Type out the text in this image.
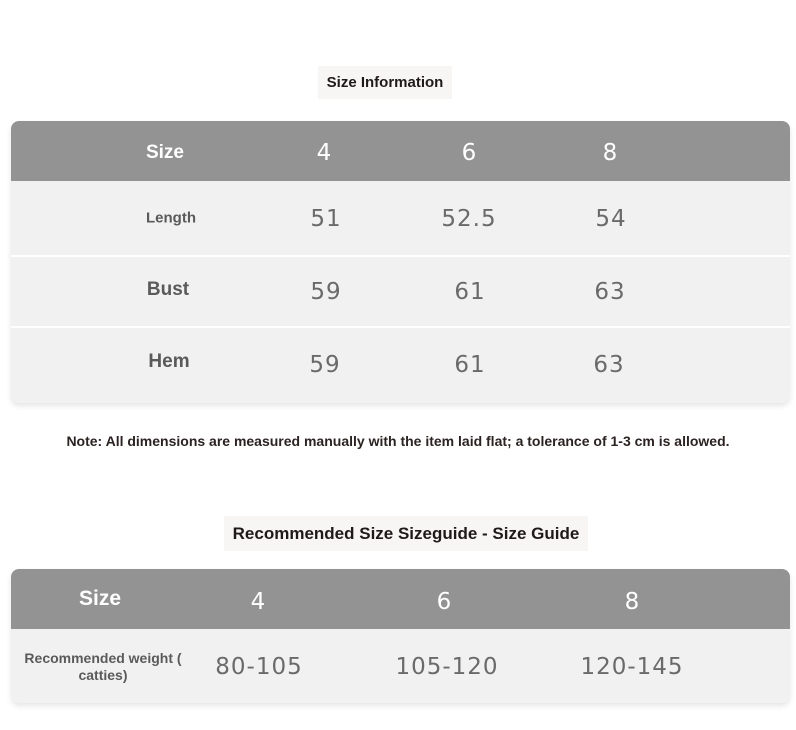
Size Information
Size	4	6	8
Length	51	52.5	54
Bust	59	61	63
Hem	59	61	63
Note: All dimensions are measured manually with the item laid flat; a tolerance of 1-3 cm is allowed.
Recommended Size Sizeguide - Size Guide
Size	4	6	8
Recommended weight ( catties)	80-105	105-120	120-145
